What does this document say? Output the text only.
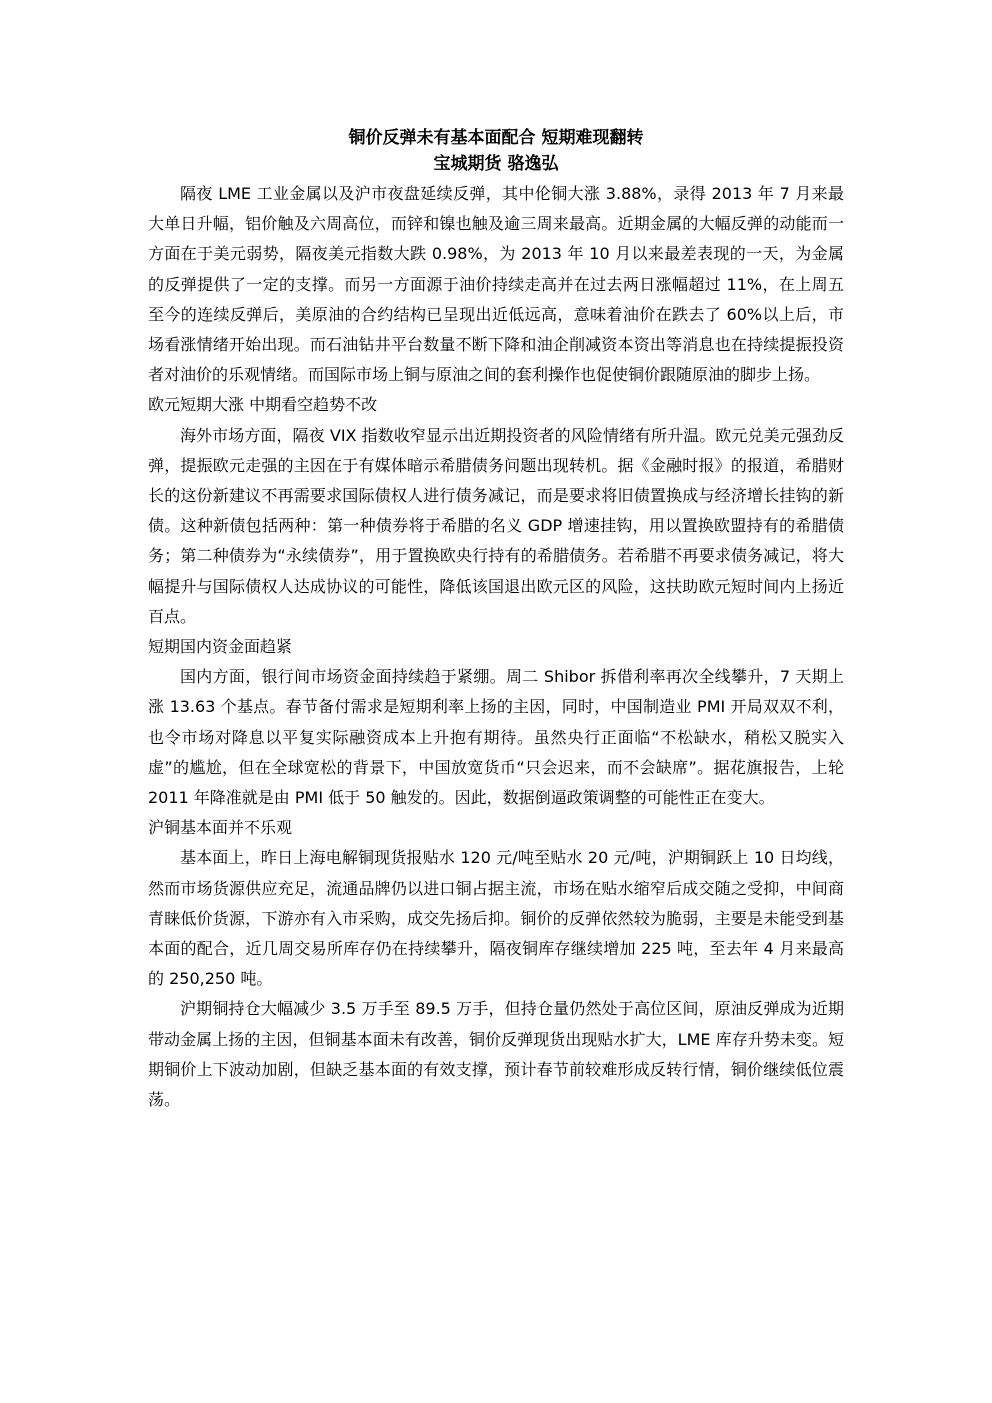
铜价反弹未有基本面配合 短期难现翻转
宝城期货 骆逸弘

隔夜 LME 工业金属以及沪市夜盘延续反弹，其中伦铜大涨 3.88%，录得 2013 年 7 月来最大单日升幅，铝价触及六周高位，而锌和镍也触及逾三周来最高。近期金属的大幅反弹的动能而一方面在于美元弱势，隔夜美元指数大跌 0.98%，为 2013 年 10 月以来最差表现的一天，为金属的反弹提供了一定的支撑。而另一方面源于油价持续走高并在过去两日涨幅超过 11%，在上周五至今的连续反弹后，美原油的合约结构已呈现出近低远高，意味着油价在跌去了 60%以上后，市场看涨情绪开始出现。而石油钻井平台数量不断下降和油企削减资本资出等消息也在持续提振投资者对油价的乐观情绪。而国际市场上铜与原油之间的套利操作也促使铜价跟随原油的脚步上扬。

欧元短期大涨 中期看空趋势不改

海外市场方面，隔夜 VIX 指数收窄显示出近期投资者的风险情绪有所升温。欧元兑美元强劲反弹，提振欧元走强的主因在于有媒体暗示希腊债务问题出现转机。据《金融时报》的报道，希腊财长的这份新建议不再需要求国际债权人进行债务减记，而是要求将旧债置换成与经济增长挂钩的新债。这种新债包括两种：第一种债券将于希腊的名义 GDP 增速挂钩，用以置换欧盟持有的希腊债务；第二种债券为“永续债券”，用于置换欧央行持有的希腊债务。若希腊不再要求债务减记，将大幅提升与国际债权人达成协议的可能性，降低该国退出欧元区的风险，这扶助欧元短时间内上扬近百点。

短期国内资金面趋紧

国内方面，银行间市场资金面持续趋于紧绷。周二 Shibor 拆借利率再次全线攀升，7 天期上涨 13.63 个基点。春节备付需求是短期利率上扬的主因，同时，中国制造业 PMI 开局双双不利，也令市场对降息以平复实际融资成本上升抱有期待。虽然央行正面临“不松缺水，稍松又脱实入虚”的尴尬，但在全球宽松的背景下，中国放宽货币“只会迟来，而不会缺席”。据花旗报告，上轮 2011 年降准就是由 PMI 低于 50 触发的。因此，数据倒逼政策调整的可能性正在变大。

沪铜基本面并不乐观

基本面上，昨日上海电解铜现货报贴水 120 元/吨至贴水 20 元/吨，沪期铜跃上 10 日均线，然而市场货源供应充足，流通品牌仍以进口铜占据主流，市场在贴水缩窄后成交随之受抑，中间商青睐低价货源，下游亦有入市采购，成交先扬后抑。铜价的反弹依然较为脆弱，主要是未能受到基本面的配合，近几周交易所库存仍在持续攀升，隔夜铜库存继续增加 225 吨，至去年 4 月来最高的 250,250 吨。

沪期铜持仓大幅减少 3.5 万手至 89.5 万手，但持仓量仍然处于高位区间，原油反弹成为近期带动金属上扬的主因，但铜基本面未有改善，铜价反弹现货出现贴水扩大，LME 库存升势未变。短期铜价上下波动加剧，但缺乏基本面的有效支撑，预计春节前较难形成反转行情，铜价继续低位震荡。
